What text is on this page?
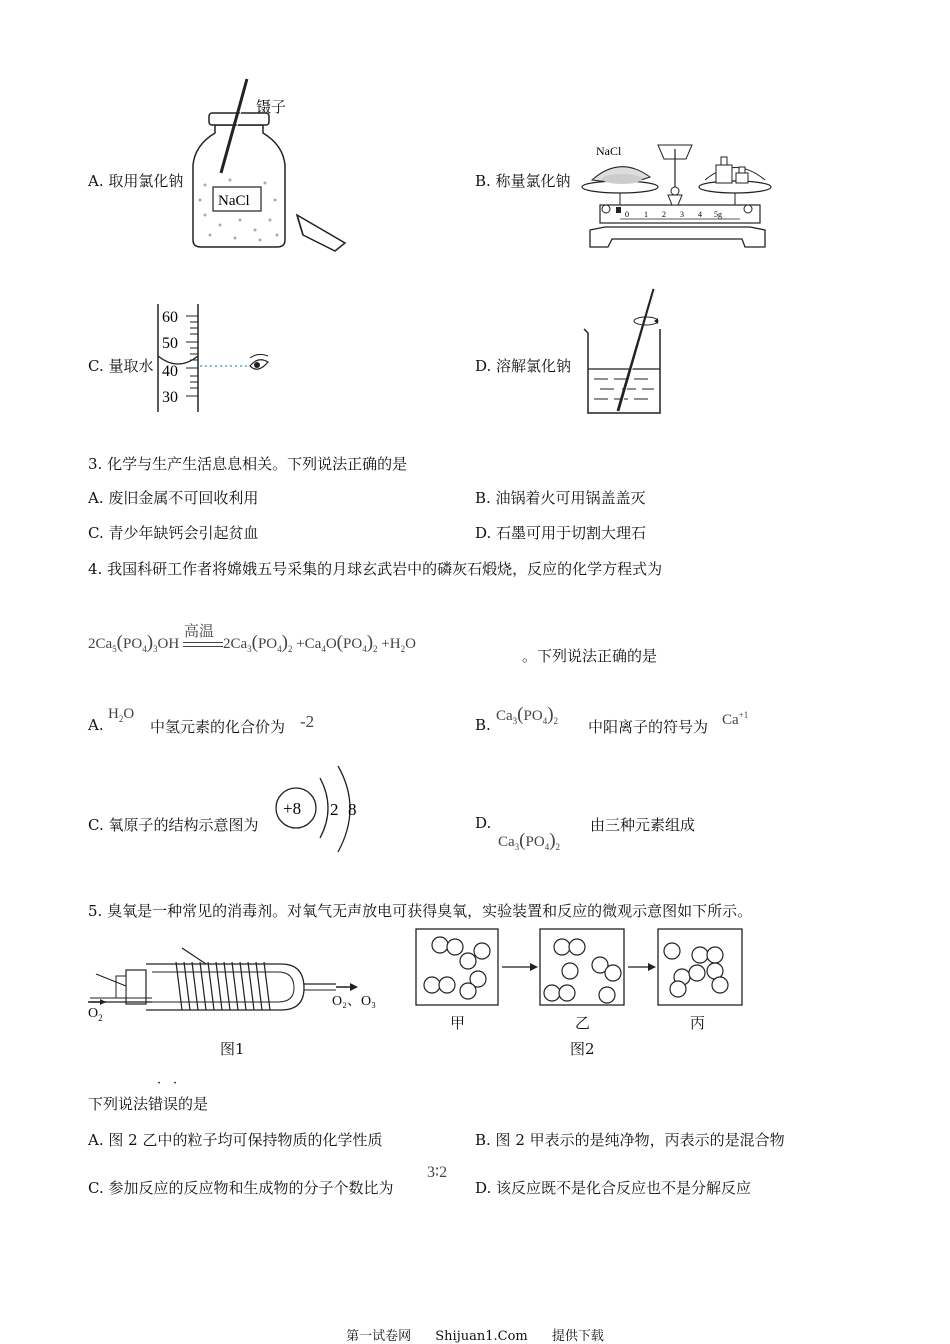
A. 取用氯化钠
NaCl
镊子
B. 称量氯化钠
0 1 2 3 4 5g
NaCl
C. 量取水
60
50
40
30
D. 溶解氯化钠
3. 化学与生产生活息息相关。下列说法正确的是
A. 废旧金属不可回收利用	B. 油锅着火可用锅盖盖灭
C. 青少年缺钙会引起贫血	D. 石墨可用于切割大理石
4. 我国科研工作者将嫦娥五号采集的月球玄武岩中的磷灰石煅烧，反应的化学方程式为
$2Ca_5(PO_4)_3OH$
高温
$2Ca_3(PO_4)_2 +Ca_4O(PO_4)_2 +H_2O$
。下列说法正确的是
A.
$H_2O$
中氢元素的化合价为 -2	B. $Ca_3(PO_4)_2$ 中阳离子的符号为 $Ca^{+1}$
C. 氧原子的结构示意图为
+8 2 8
D.
$Ca_3(PO_4)_2$
由三种元素组成
5. 臭氧是一种常见的消毒剂。对氧气无声放电可获得臭氧，实验装置和反应的微观示意图如下所示。
$O_2$
O₂、O₃
图1
甲	乙	丙
图2
· ·
下列说法错误的是
A. 图 2 乙中的粒子均可保持物质的化学性质	B. 图 2 甲表示的是纯净物，丙表示的是混合物
C. 参加反应的反应物和生成物的分子个数比为
3∶2
D. 该反应既不是化合反应也不是分解反应
第一试卷网 Shijuan1.Com 提供下载
